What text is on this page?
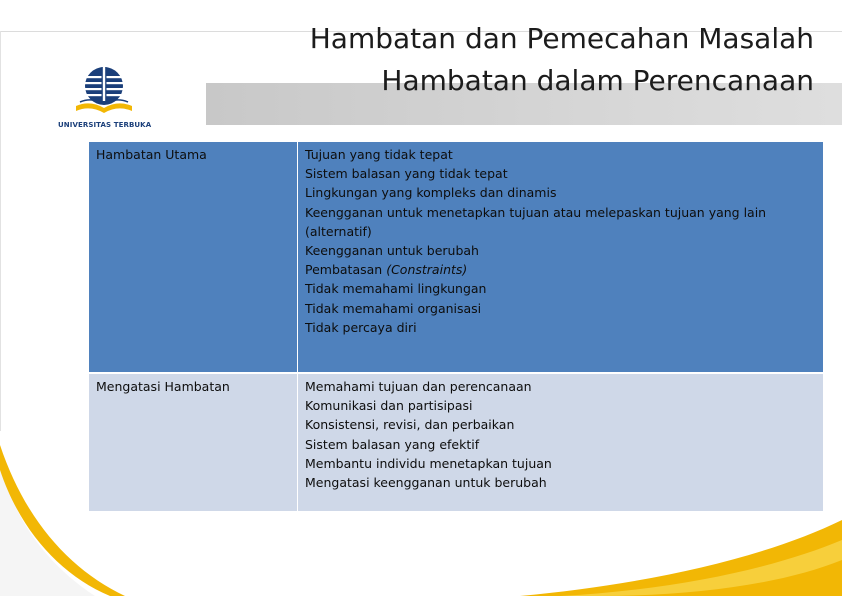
Hambatan dan Pemecahan Masalah
Hambatan dalam Perencanaan
UNIVERSITAS TERBUKA
Hambatan Utama	Tujuan yang tidak tepat
Sistem balasan yang tidak tepat
Lingkungan yang kompleks dan dinamis
Keengganan untuk menetapkan tujuan atau melepaskan tujuan yang lain (alternatif)
Keengganan untuk berubah
Pembatasan (Constraints)
Tidak memahami lingkungan
Tidak memahami organisasi
Tidak percaya diri
Mengatasi Hambatan	Memahami tujuan dan perencanaan
Komunikasi dan partisipasi
Konsistensi, revisi, dan perbaikan
Sistem balasan yang efektif
Membantu individu menetapkan tujuan
Mengatasi keengganan untuk berubah
